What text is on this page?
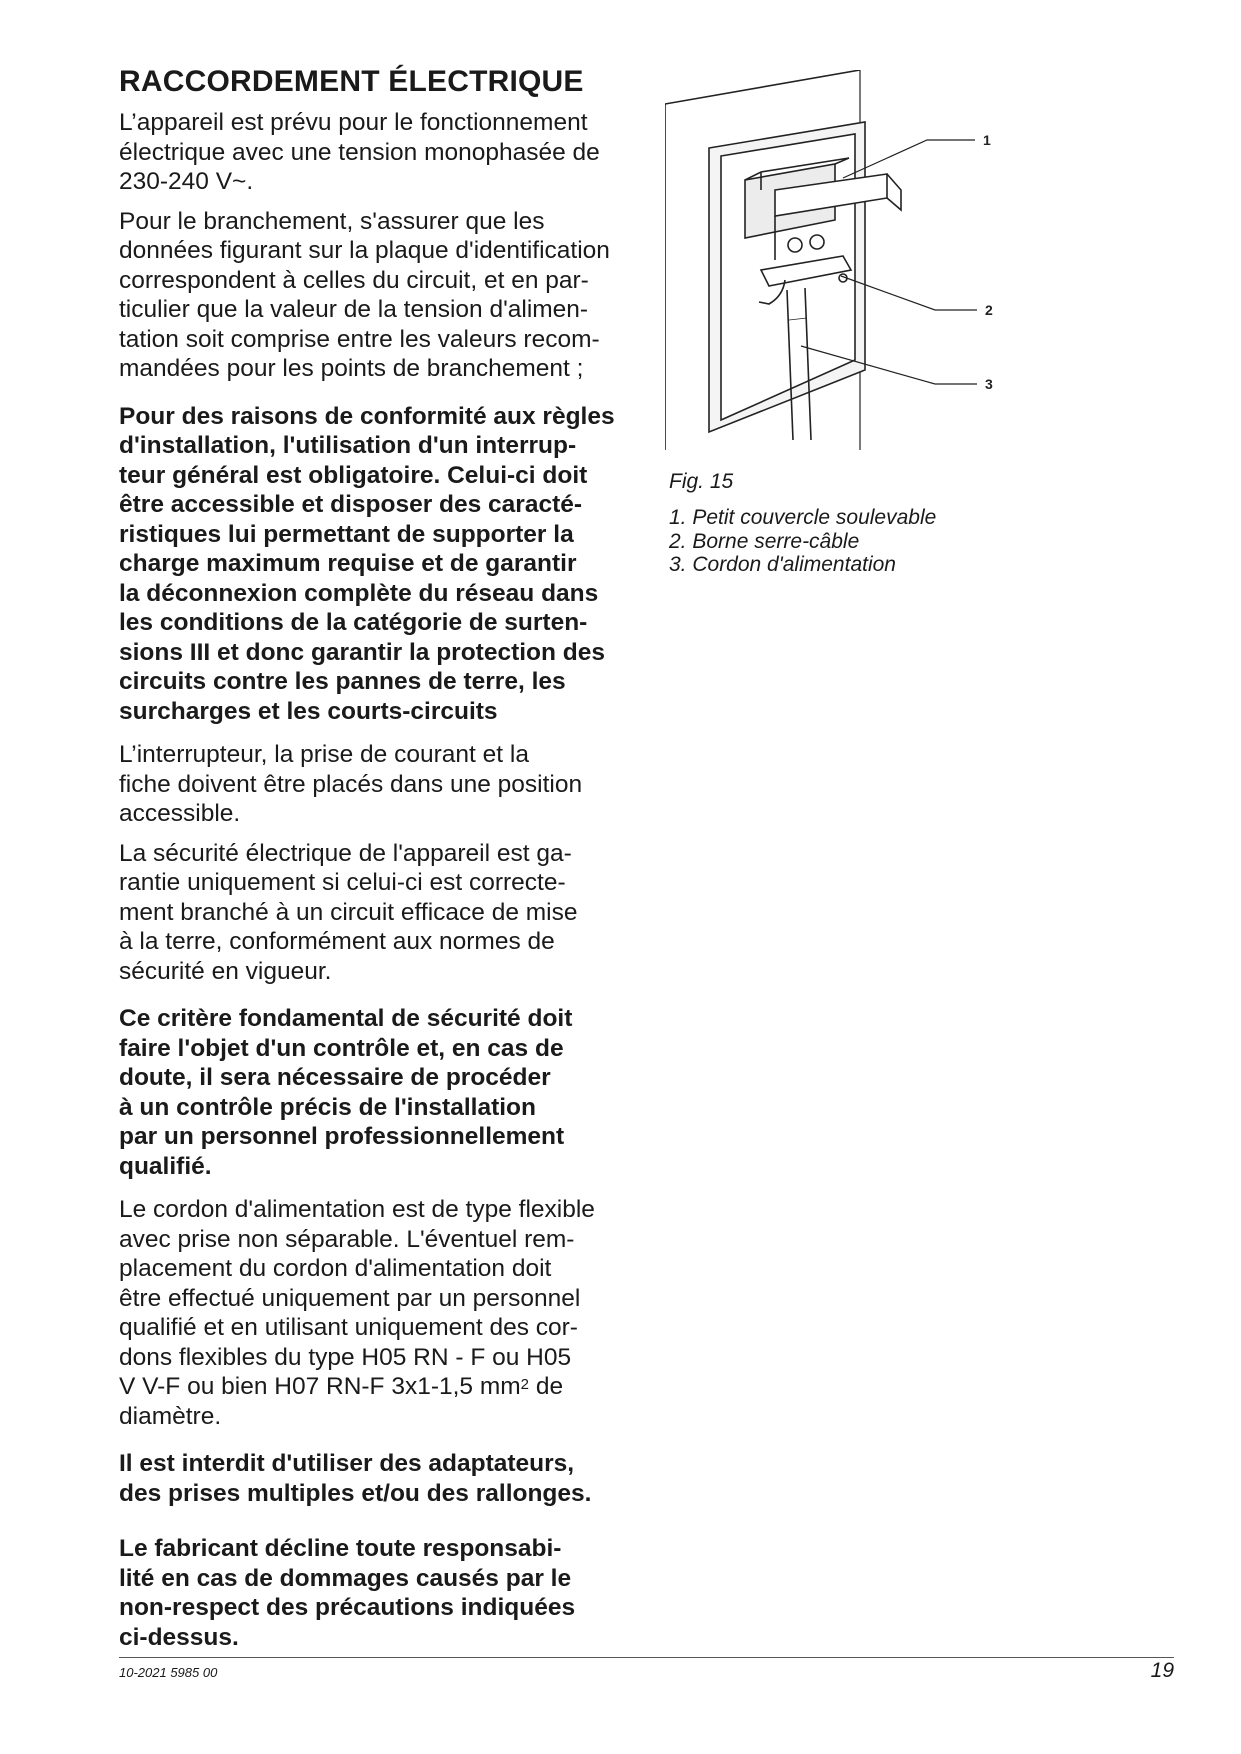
RACCORDEMENT ÉLECTRIQUE
L’appareil est prévu pour le fonctionnement
électrique avec une tension monophasée de
230-240 V~.
Pour le branchement, s'assurer que les
données figurant sur la plaque d'identification
correspondent à celles du circuit, et en par-
ticulier que la valeur de la tension d'alimen-
tation soit comprise entre les valeurs recom-
mandées pour les points de branchement ;
Pour des raisons de conformité aux règles
d'installation, l'utilisation d'un interrup-
teur général est obligatoire. Celui-ci doit
être accessible et disposer des caracté-
ristiques lui permettant de supporter la
charge maximum requise et de garantir
la déconnexion complète du réseau dans
les conditions de la catégorie de surten-
sions III et donc garantir la protection des
circuits contre les pannes de terre, les
surcharges et les courts-circuits
L’interrupteur, la prise de courant et la
fiche doivent être placés dans une position
accessible.
La sécurité électrique de l'appareil est ga-
rantie uniquement si celui-ci est correcte-
ment branché à un circuit efficace de mise
à la terre, conformément aux normes de
sécurité en vigueur.
Ce critère fondamental de sécurité doit
faire l'objet d'un contrôle et, en cas de
doute, il sera nécessaire de procéder
à un contrôle précis de l'installation
par un personnel professionnellement
qualifié.
Le cordon d'alimentation est de type flexible
avec prise non séparable. L'éventuel rem-
placement du cordon d'alimentation doit
être effectué uniquement par un personnel
qualifié et en utilisant uniquement des cor-
dons flexibles du type H05 RN - F ou H05
V V-F ou bien H07 RN-F 3x1-1,5 $mm^2$ de
diamètre.
Il est interdit d'utiliser des adaptateurs,
des prises multiples et/ou des rallonges.
Le fabricant décline toute responsabi-
lité en cas de dommages causés par le
non-respect des précautions indiquées
ci-dessus.
1
2
3

Fig. 15

1. Petit couvercle soulevable
2. Borne serre-câble
3. Cordon d'alimentation
10-2021 5985 00	19
